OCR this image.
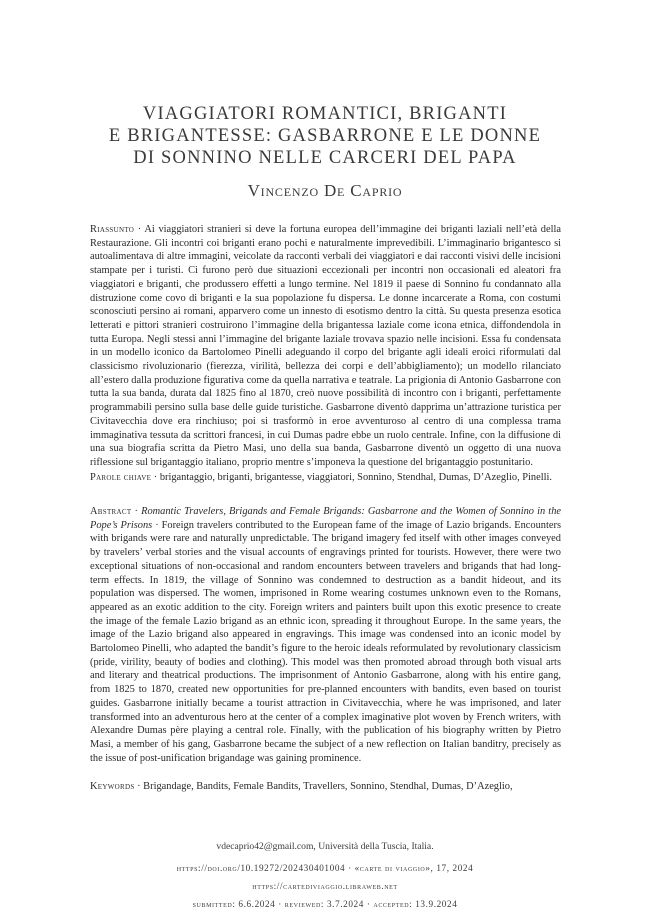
VIAGGIATORI ROMANTICI, BRIGANTI
E BRIGANTESSE: GASBARRONE E LE DONNE
DI SONNINO NELLE CARCERI DEL PAPA
Vincenzo De Caprio
Riassunto · Ai viaggiatori stranieri si deve la fortuna europea dell’immagine dei briganti laziali nell’età della Restaurazione. Gli incontri coi briganti erano pochi e naturalmente imprevedibili. L’immaginario brigantesco si autoalimentava di altre immagini, veicolate da racconti verbali dei viaggiatori e dai racconti visivi delle incisioni stampate per i turisti. Ci furono però due situazioni eccezionali per incontri non occasionali ed aleatori fra viaggiatori e briganti, che produssero effetti a lungo termine. Nel 1819 il paese di Sonnino fu condannato alla distruzione come covo di briganti e la sua popolazione fu dispersa. Le donne incarcerate a Roma, con costumi sconosciuti persino ai romani, apparvero come un innesto di esotismo dentro la città. Su questa presenza esotica letterati e pittori stranieri costruirono l’immagine della brigantessa laziale come icona etnica, diffondendola in tutta Europa. Negli stessi anni l’immagine del brigante laziale trovava spazio nelle incisioni. Essa fu condensata in un modello iconico da Bartolomeo Pinelli adeguando il corpo del brigante agli ideali eroici riformulati dal classicismo rivoluzionario (fierezza, virilità, bellezza dei corpi e dell’abbigliamento); un modello rilanciato all’estero dalla produzione figurativa come da quella narrativa e teatrale. La prigionia di Antonio Gasbarrone con tutta la sua banda, durata dal 1825 fino al 1870, creò nuove possibilità di incontro con i briganti, perfettamente programmabili persino sulla base delle guide turistiche. Gasbarrone diventò dapprima un’attrazione turistica per Civitavecchia dove era rinchiuso; poi si trasformò in eroe avventuroso al centro di una complessa trama immaginativa tessuta da scrittori francesi, in cui Dumas padre ebbe un ruolo centrale. Infine, con la diffusione di una sua biografia scritta da Pietro Masi, uno della sua banda, Gasbarrone diventò un oggetto di una nuova riflessione sul brigantaggio italiano, proprio mentre s’imponeva la questione del brigantaggio postunitario.
Parole chiave · brigantaggio, briganti, brigantesse, viaggiatori, Sonnino, Stendhal, Dumas, D’Azeglio, Pinelli.
Abstract · Romantic Travelers, Brigands and Female Brigands: Gasbarrone and the Women of Sonnino in the Pope’s Prisons · Foreign travelers contributed to the European fame of the image of Lazio brigands. Encounters with brigands were rare and naturally unpredictable. The brigand imagery fed itself with other images conveyed by travelers’ verbal stories and the visual accounts of engravings printed for tourists. However, there were two exceptional situations of non-occasional and random encounters between travelers and brigands that had long-term effects. In 1819, the village of Sonnino was condemned to destruction as a bandit hideout, and its population was dispersed. The women, imprisoned in Rome wearing costumes unknown even to the Romans, appeared as an exotic addition to the city. Foreign writers and painters built upon this exotic presence to create the image of the female Lazio brigand as an ethnic icon, spreading it throughout Europe. In the same years, the image of the Lazio brigand also appeared in engravings. This image was condensed into an iconic model by Bartolomeo Pinelli, who adapted the bandit’s figure to the heroic ideals reformulated by revolutionary classicism (pride, virility, beauty of bodies and clothing). This model was then promoted abroad through both visual arts and literary and theatrical productions. The imprisonment of Antonio Gasbarrone, along with his entire gang, from 1825 to 1870, created new opportunities for pre-planned encounters with bandits, even based on tourist guides. Gasbarrone initially became a tourist attraction in Civitavecchia, where he was imprisoned, and later transformed into an adventurous hero at the center of a complex imaginative plot woven by French writers, with Alexandre Dumas père playing a central role. Finally, with the publication of his biography written by Pietro Masi, a member of his gang, Gasbarrone became the subject of a new reflection on Italian banditry, precisely as the issue of post-unification brigandage was gaining prominence.
Keywords · Brigandage, Bandits, Female Bandits, Travellers, Sonnino, Stendhal, Dumas, D’Azeglio,
vdecaprio42@gmail.com, Università della Tuscia, Italia.
https://doi.org/10.19272/202430401004 · «carte di viaggio», 17, 2024
https://cartediviaggio.libraweb.net
submitted: 6.6.2024 · reviewed: 3.7.2024 · accepted: 13.9.2024
